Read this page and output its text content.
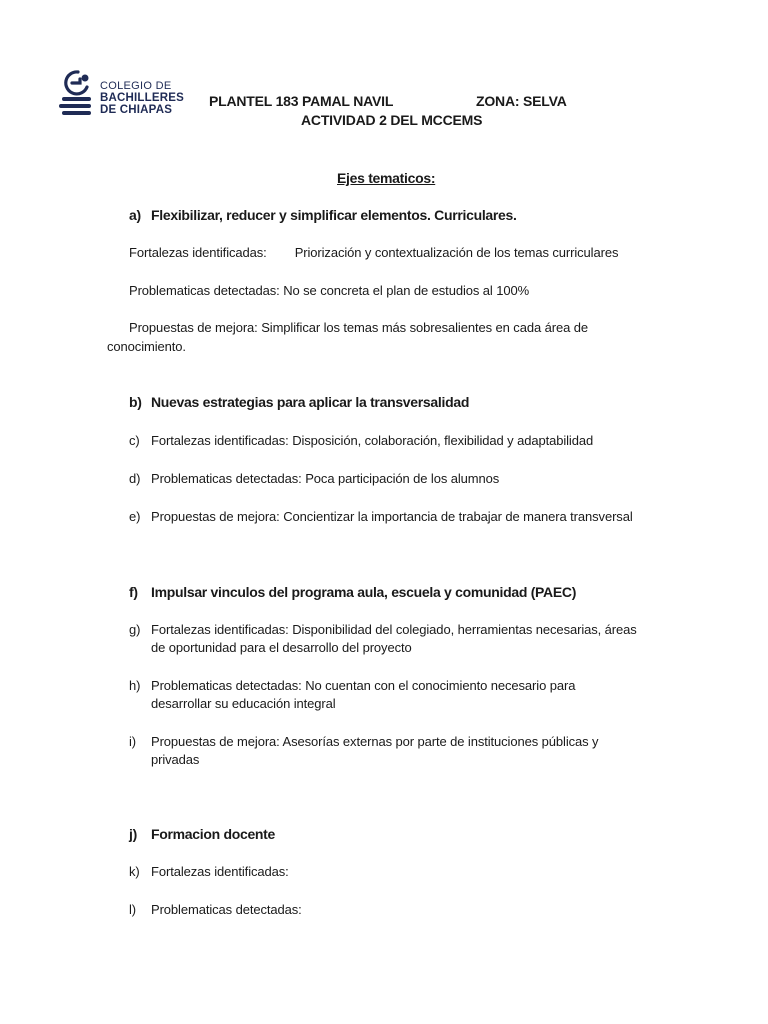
COLEGIO DE
BACHILLERES
DE CHIAPAS
PLANTEL 183 PAMAL NAVIL	ZONA: SELVA
ACTIVIDAD 2 DEL MCCEMS
Ejes tematicos:
a) Flexibilizar, reducer y simplificar elementos. Curriculares.
Fortalezas identificadas: Priorización y contextualización de los temas curriculares
Problematicas detectadas: No se concreta el plan de estudios al 100%
Propuestas de mejora: Simplificar los temas más sobresalientes en cada área de
conocimiento.
b) Nuevas estrategias para aplicar la transversalidad
c) Fortalezas identificadas: Disposición, colaboración, flexibilidad y adaptabilidad
d) Problematicas detectadas: Poca participación de los alumnos
e) Propuestas de mejora: Concientizar la importancia de trabajar de manera transversal
f) Impulsar vinculos del programa aula, escuela y comunidad (PAEC)
g) Fortalezas identificadas: Disponibilidad del colegiado, herramientas necesarias, áreas
de oportunidad para el desarrollo del proyecto
h) Problematicas detectadas: No cuentan con el conocimiento necesario para
desarrollar su educación integral
i) Propuestas de mejora: Asesorías externas por parte de instituciones públicas y
privadas
j) Formacion docente
k) Fortalezas identificadas:
l) Problematicas detectadas:
